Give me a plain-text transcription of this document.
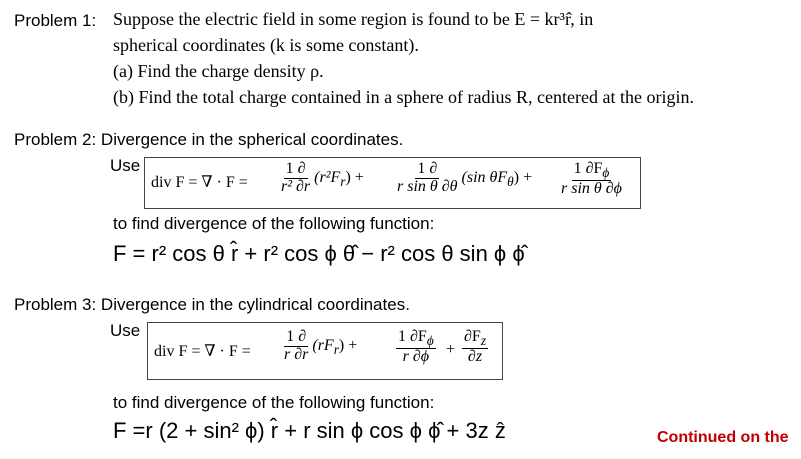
Problem 1: Suppose the electric field in some region is found to be E = kr³r̂, in
spherical coordinates (k is some constant).
(a) Find the charge density ρ.
(b) Find the total charge contained in a sphere of radius R, centered at the origin.
Problem 2: Divergence in the spherical coordinates.
Use
div F = ∇ · $F = \frac{1 \partial}{\text{r² ∂r}} (r^2F_r) + \frac{1 \partial}{\text{r sin θ ∂θ}} (\sin$ $\theta F_\theta) + \frac{1 \partial F_\phi}{\text{r sin θ ∂ϕ}}$
to find divergence of the following function:
F = r² cos θ r̂ + r² cos ϕ θ̂ − r² cos θ sin ϕ ϕ̂
Problem 3: Divergence in the cylindrical coordinates.
Use
div F = ∇ · $F = \frac{1 \partial}{r \partial r} (rF_r) + \frac{1 \partial F_\phi}{r \partial\phi} + \frac{\partial F_z}{\partial z}$
to find divergence of the following function:
F =r (2 + sin² ϕ) r̂ + r sin ϕ cos ϕ ϕ̂ + 3z ẑ	Continued on the
